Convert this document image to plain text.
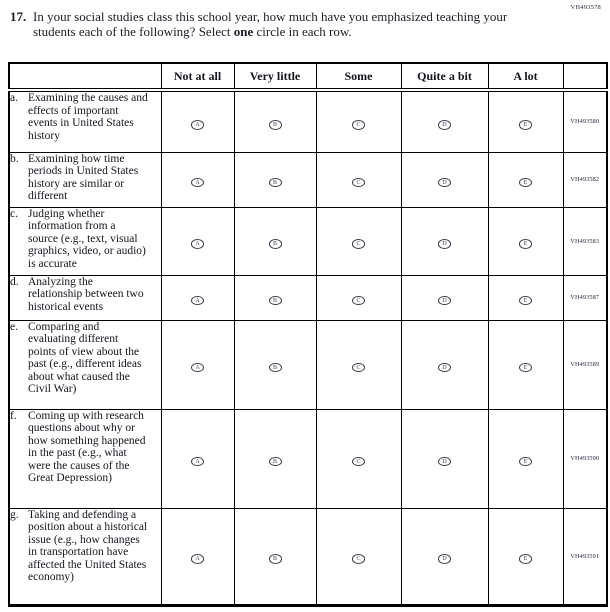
VH493578
17. In your social studies class this school year, how much have you emphasized teaching your students each of the following? Select one circle in each row.
	Not at all	Very little	Some	Quite a bit	A lot	

a. Examining the causes and effects of important events in United States history	A	B	C	D	E	VH493580

b. Examining how time periods in United States history are similar or different	A	B	C	D	E	VH493582

c. Judging whether information from a source (e.g., text, visual graphics, video, or audio) is accurate	A	B	C	D	E	VH493583

d. Analyzing the relationship between two historical events	A	B	C	D	E	VH493587

e. Comparing and evaluating different points of view about the past (e.g., different ideas about what caused the Civil War)	A	B	C	D	E	VH493589

f. Coming up with research questions about why or how something happened in the past (e.g., what were the causes of the Great Depression)	A	B	C	D	E	VH493590

g. Taking and defending a position about a historical issue (e.g., how changes in transportation have affected the United States economy)	A	B	C	D	E	VH493591
